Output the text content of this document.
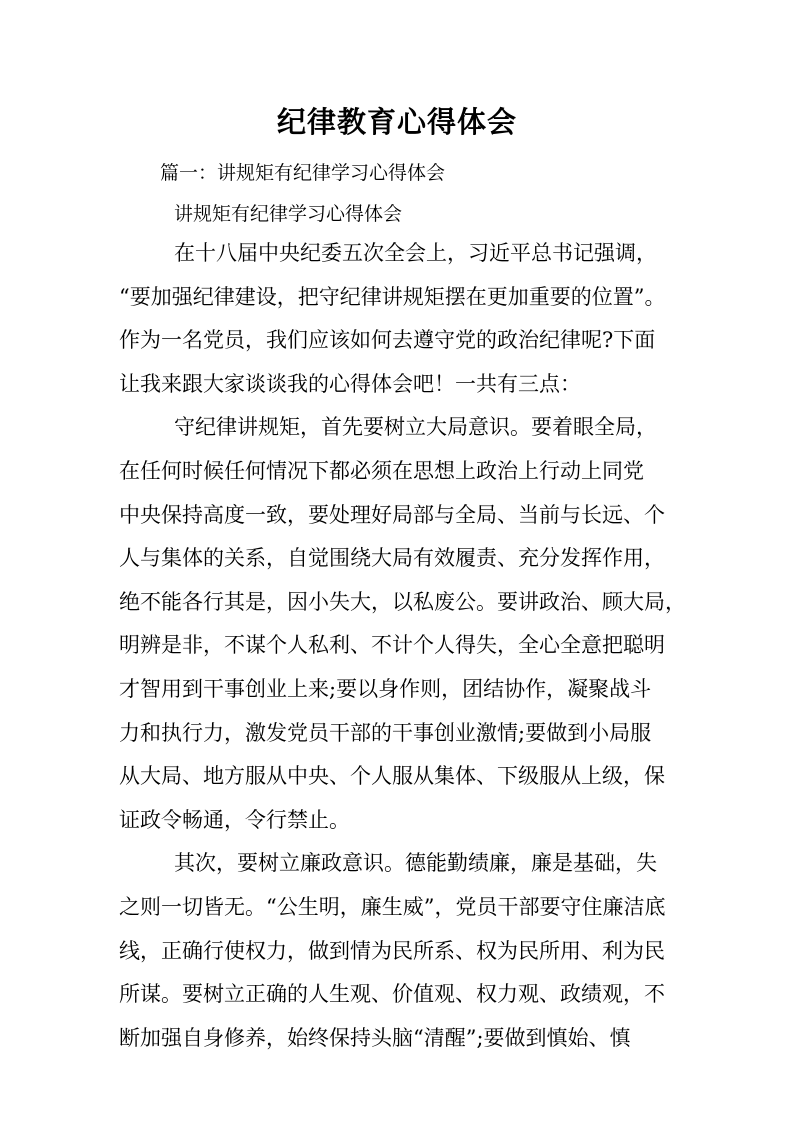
纪律教育心得体会
篇一：讲规矩有纪律学习心得体会
讲规矩有纪律学习心得体会
在十八届中央纪委五次全会上，习近平总书记强调，
“要加强纪律建设，把守纪律讲规矩摆在更加重要的位置”。
作为一名党员，我们应该如何去遵守党的政治纪律呢?下面
让我来跟大家谈谈我的心得体会吧！一共有三点：
守纪律讲规矩，首先要树立大局意识。要着眼全局，
在任何时候任何情况下都必须在思想上政治上行动上同党
中央保持高度一致，要处理好局部与全局、当前与长远、个
人与集体的关系，自觉围绕大局有效履责、充分发挥作用，
绝不能各行其是，因小失大，以私废公。要讲政治、顾大局，
明辨是非，不谋个人私利、不计个人得失，全心全意把聪明
才智用到干事创业上来;要以身作则，团结协作，凝聚战斗
力和执行力，激发党员干部的干事创业激情;要做到小局服
从大局、地方服从中央、个人服从集体、下级服从上级，保
证政令畅通，令行禁止。
其次，要树立廉政意识。德能勤绩廉，廉是基础，失
之则一切皆无。“公生明，廉生威”，党员干部要守住廉洁底
线，正确行使权力，做到情为民所系、权为民所用、利为民
所谋。要树立正确的人生观、价值观、权力观、政绩观，不
断加强自身修养，始终保持头脑“清醒”;要做到慎始、慎
